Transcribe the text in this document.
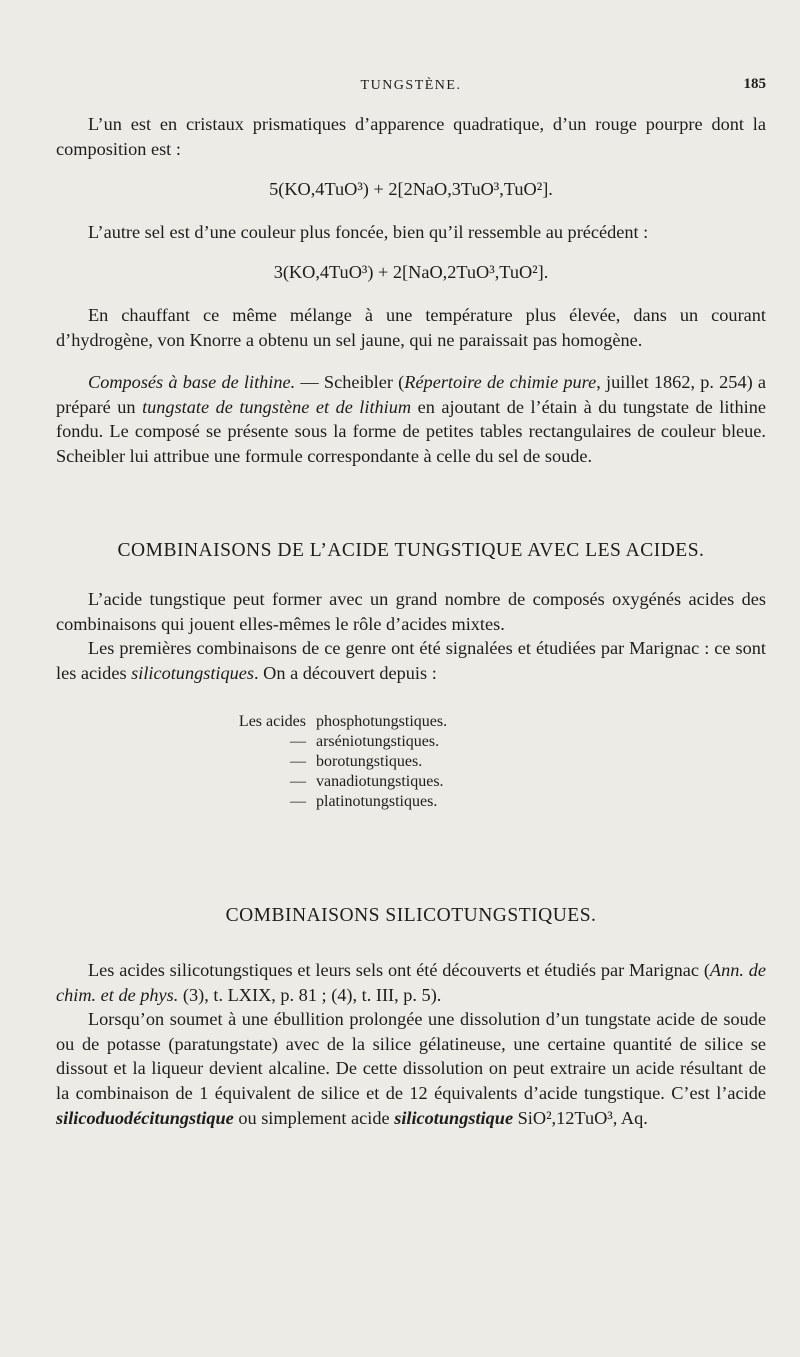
TUNGSTÈNE.	185

L’un est en cristaux prismatiques d’apparence quadratique, d’un rouge pourpre dont la composition est :

5(KO,4TuO³) + 2[2NaO,3TuO³,TuO²].

L’autre sel est d’une couleur plus foncée, bien qu’il ressemble au précédent :

3(KO,4TuO³) + 2[NaO,2TuO³,TuO²].

En chauffant ce même mélange à une température plus élevée, dans un courant d’hydrogène, von Knorre a obtenu un sel jaune, qui ne paraissait pas homogène.

Composés à base de lithine. — Scheibler (Répertoire de chimie pure, juillet 1862, p. 254) a préparé un tungstate de tungstène et de lithium en ajoutant de l’étain à du tungstate de lithine fondu. Le composé se présente sous la forme de petites tables rectangulaires de couleur bleue. Scheibler lui attribue une formule correspondante à celle du sel de soude.

COMBINAISONS DE L’ACIDE TUNGSTIQUE AVEC LES ACIDES.

L’acide tungstique peut former avec un grand nombre de composés oxygénés acides des combinaisons qui jouent elles-mêmes le rôle d’acides mixtes.

Les premières combinaisons de ce genre ont été signalées et étudiées par Marignac : ce sont les acides silicotungstiques. On a découvert depuis :

Les acides phosphotungstiques.
— arséniotungstiques.
— borotungstiques.
— vanadiotungstiques.
— platinotungstiques.
COMBINAISONS SILICOTUNGSTIQUES.

Les acides silicotungstiques et leurs sels ont été découverts et étudiés par Marignac (Ann. de chim. et de phys. (3), t. LXIX, p. 81 ; (4), t. III, p. 5).

Lorsqu’on soumet à une ébullition prolongée une dissolution d’un tungstate acide de soude ou de potasse (paratungstate) avec de la silice gélatineuse, une certaine quantité de silice se dissout et la liqueur devient alcaline. De cette dissolution on peut extraire un acide résultant de la combinaison de 1 équivalent de silice et de 12 équivalents d’acide tungstique. C’est l’acide silicoduodécitungstique ou simplement acide silicotungstique SiO²,12TuO³, Aq.
